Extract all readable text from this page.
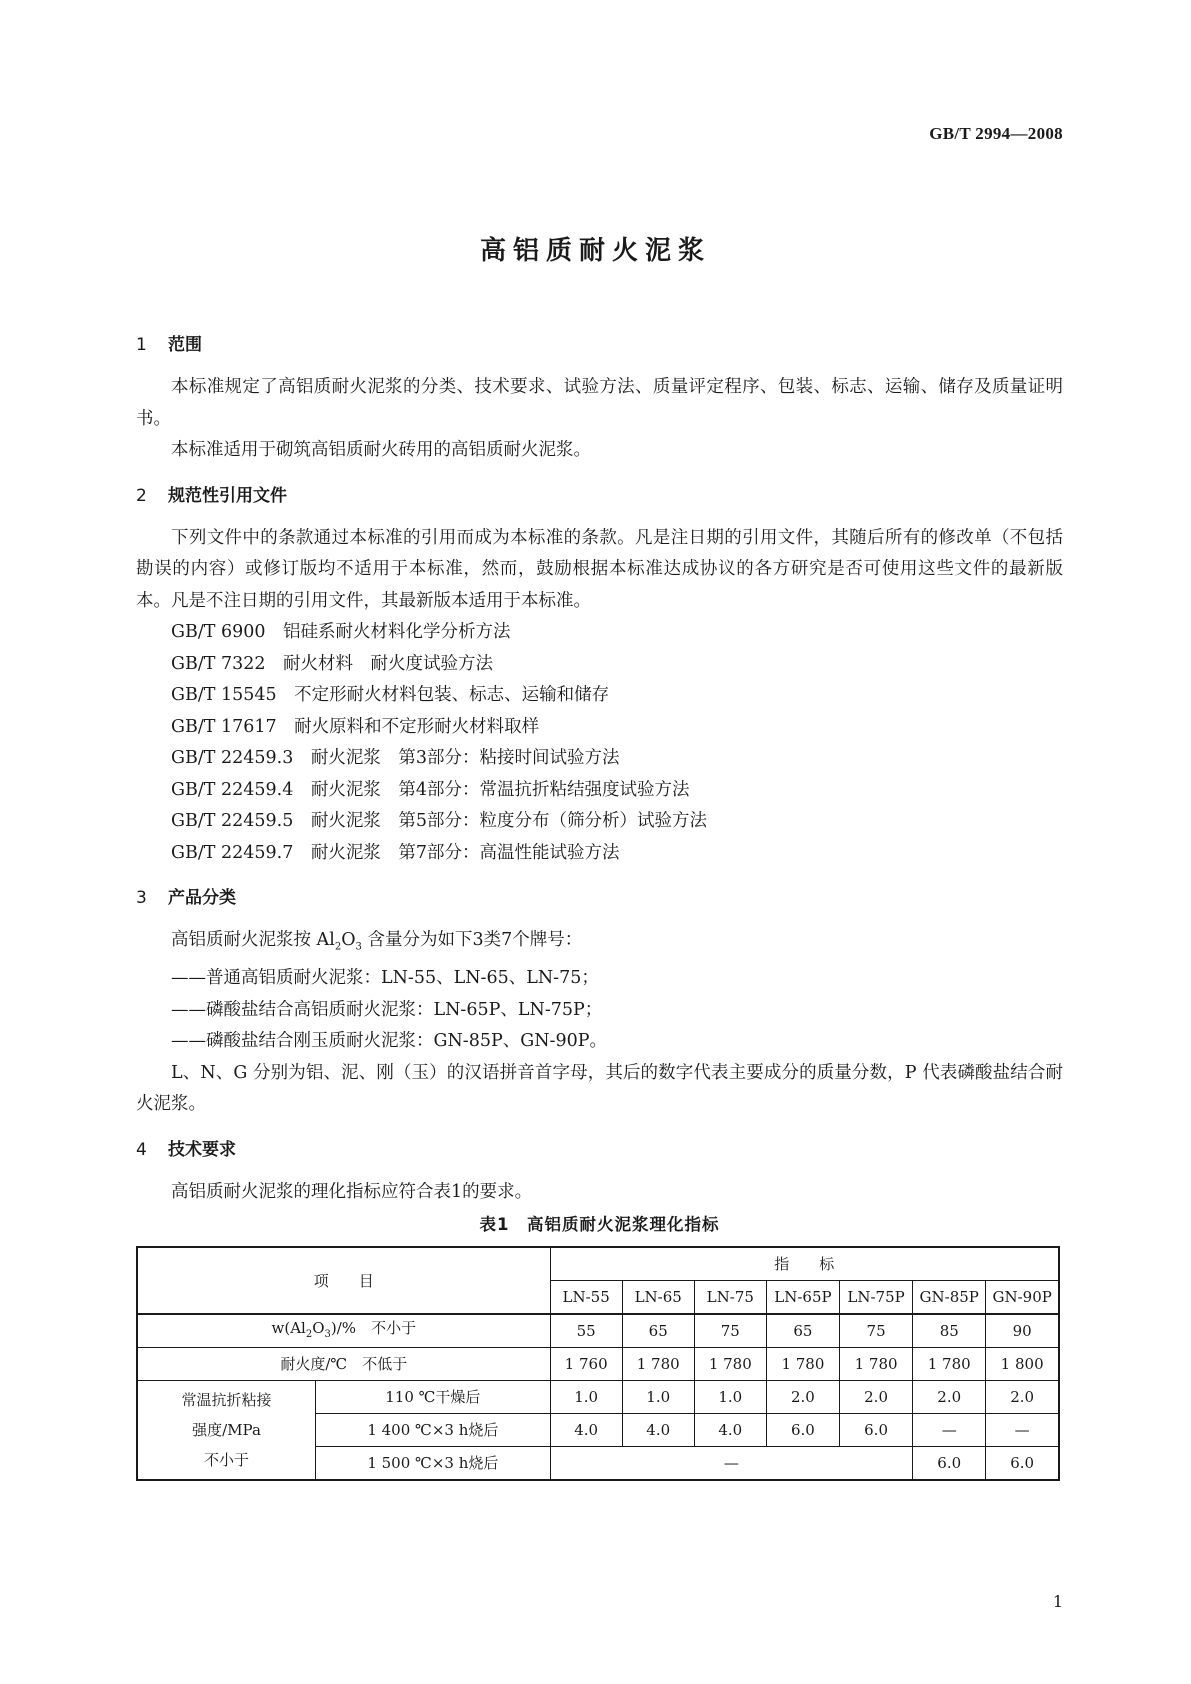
GB/T 2994—2008
高铝质耐火泥浆
1 范围

本标准规定了高铝质耐火泥浆的分类、技术要求、试验方法、质量评定程序、包装、标志、运输、储存及质量证明书。

本标准适用于砌筑高铝质耐火砖用的高铝质耐火泥浆。

2 规范性引用文件

下列文件中的条款通过本标准的引用而成为本标准的条款。凡是注日期的引用文件，其随后所有的修改单（不包括勘误的内容）或修订版均不适用于本标准，然而，鼓励根据本标准达成协议的各方研究是否可使用这些文件的最新版本。凡是不注日期的引用文件，其最新版本适用于本标准。

GB/T 6900　铝硅系耐火材料化学分析方法

GB/T 7322　耐火材料　耐火度试验方法

GB/T 15545　不定形耐火材料包装、标志、运输和储存

GB/T 17617　耐火原料和不定形耐火材料取样

GB/T 22459.3　耐火泥浆　第3部分：粘接时间试验方法

GB/T 22459.4　耐火泥浆　第4部分：常温抗折粘结强度试验方法

GB/T 22459.5　耐火泥浆　第5部分：粒度分布（筛分析）试验方法

GB/T 22459.7　耐火泥浆　第7部分：高温性能试验方法

3 产品分类

高铝质耐火泥浆按 $Al_2O_3$ 含量分为如下3类7个牌号：

——普通高铝质耐火泥浆：LN-55、LN-65、LN-75；

——磷酸盐结合高铝质耐火泥浆：LN-65P、LN-75P；

——磷酸盐结合刚玉质耐火泥浆：GN-85P、GN-90P。

L、N、G 分别为铝、泥、刚（玉）的汉语拼音首字母，其后的数字代表主要成分的质量分数，P 代表磷酸盐结合耐火泥浆。

4 技术要求

高铝质耐火泥浆的理化指标应符合表1的要求。

表1　高铝质耐火泥浆理化指标
项　　目		指　　标						
		LN-55	LN-65	LN-75	LN-65P	LN-75P	GN-85P	GN-90P
$w(Al_2O_3)/\%$　不小于		55	65	75	65	75	85	90
耐火度/℃　不低于		1 760	1 780	1 780	1 780	1 780	1 780	1 800

常温抗折粘接
强度/MPa
不小于	110 ℃干燥后	1.0	1.0	1.0	2.0	2.0	2.0	2.0
	1 400 ℃×3 h烧后	4.0	4.0	4.0	6.0	6.0	—	—
	1 500 ℃×3 h烧后	—					6.0	6.0
1
